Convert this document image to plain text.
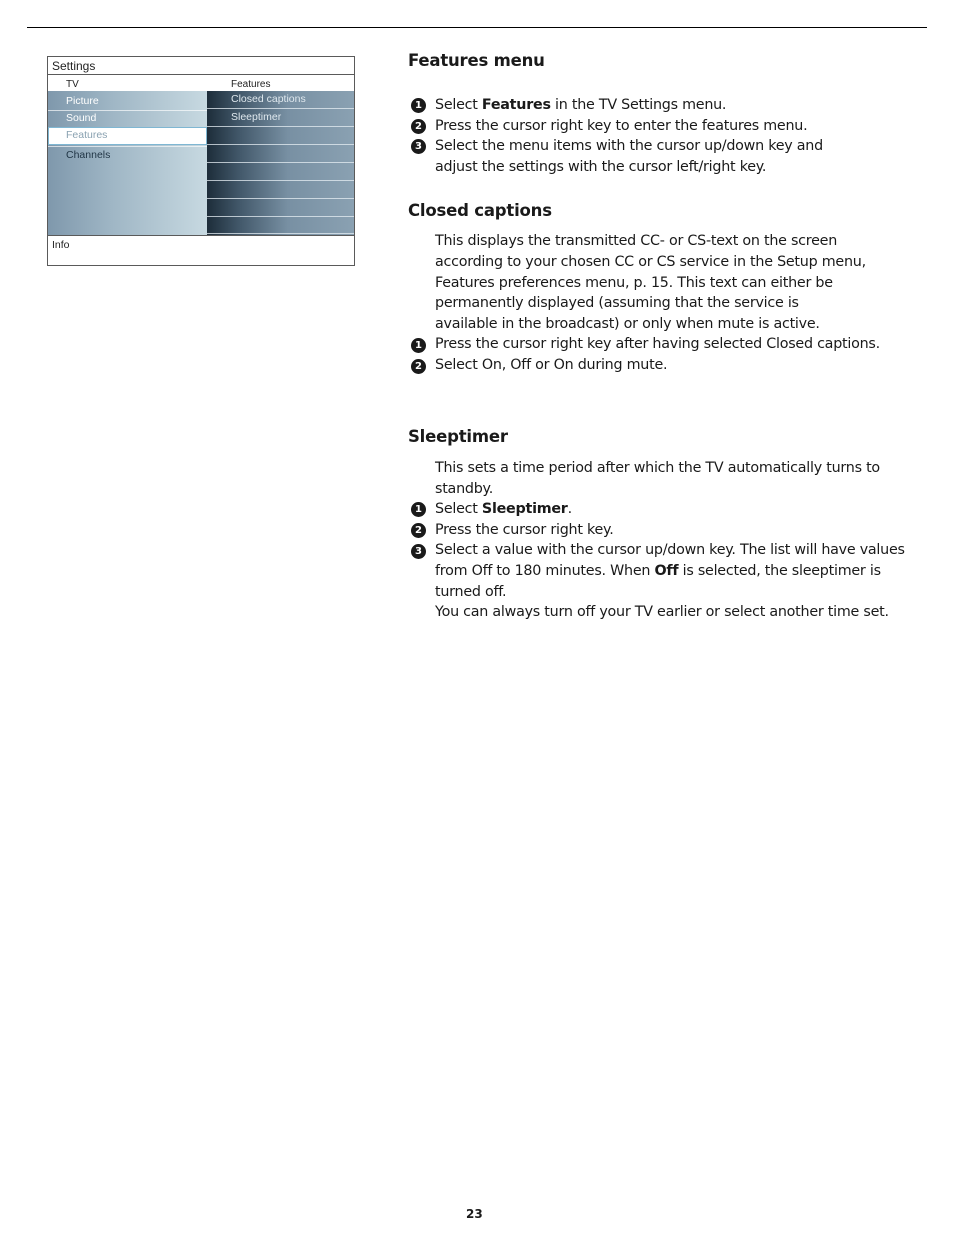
Settings
TV	Features
Picture
Sound
Features
Channels
Closed captions
Sleeptimer
Info
Features menu
1 Select Features in the TV Settings menu.
2 Press the cursor right key to enter the features menu.
3 Select the menu items with the cursor up/down key and
adjust the settings with the cursor left/right key.
Closed captions
This displays the transmitted CC- or CS-text on the screen
according to your chosen CC or CS service in the Setup menu,
Features preferences menu, p. 15. This text can either be
permanently displayed (assuming that the service is
available in the broadcast) or only when mute is active.
1 Press the cursor right key after having selected Closed captions.
2 Select On, Off or On during mute.
Sleeptimer
This sets a time period after which the TV automatically turns to
standby.
1 Select Sleeptimer.
2 Press the cursor right key.
3 Select a value with the cursor up/down key. The list will have values
from Off to 180 minutes. When Off is selected, the sleeptimer is
turned off.
You can always turn off your TV earlier or select another time set.
23
